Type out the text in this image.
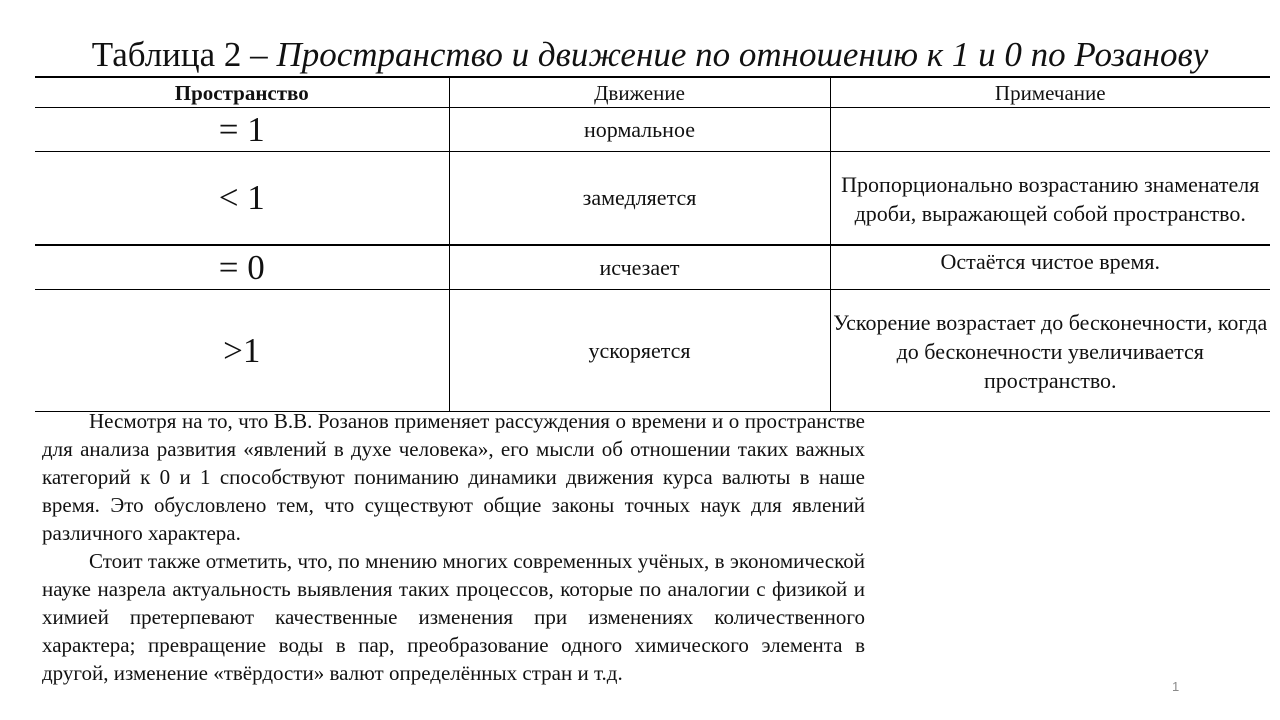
Таблица 2 – Пространство и движение по отношению к 1 и 0 по Розанову
Пространство	Движение	Примечание
= 1	нормальное	
< 1	замедляется	Пропорционально возрастанию знаменателя дроби, выражающей собой пространство.
= 0	исчезает	Остаётся чистое время.
>1	ускоряется	Ускорение возрастает до бесконечности, когда до бесконечности увеличивается пространство.

Несмотря на то, что В.В. Розанов применяет рассуждения о времени и о пространстве для анализа развития «явлений в духе человека», его мысли об отношении таких важных категорий к 0 и 1 способствуют пониманию динамики движения курса валюты в наше время. Это обусловлено тем, что существуют общие законы точных наук для явлений различного характера.

Стоит также отметить, что, по мнению многих современных учёных, в экономической науке назрела актуальность выявления таких процессов, которые по аналогии с физикой и химией претерпевают качественные изменения при изменениях количественного характера; превращение воды в пар, преобразование одного химического элемента в другой, изменение «твёрдости» валют определённых стран и т.д.

1
